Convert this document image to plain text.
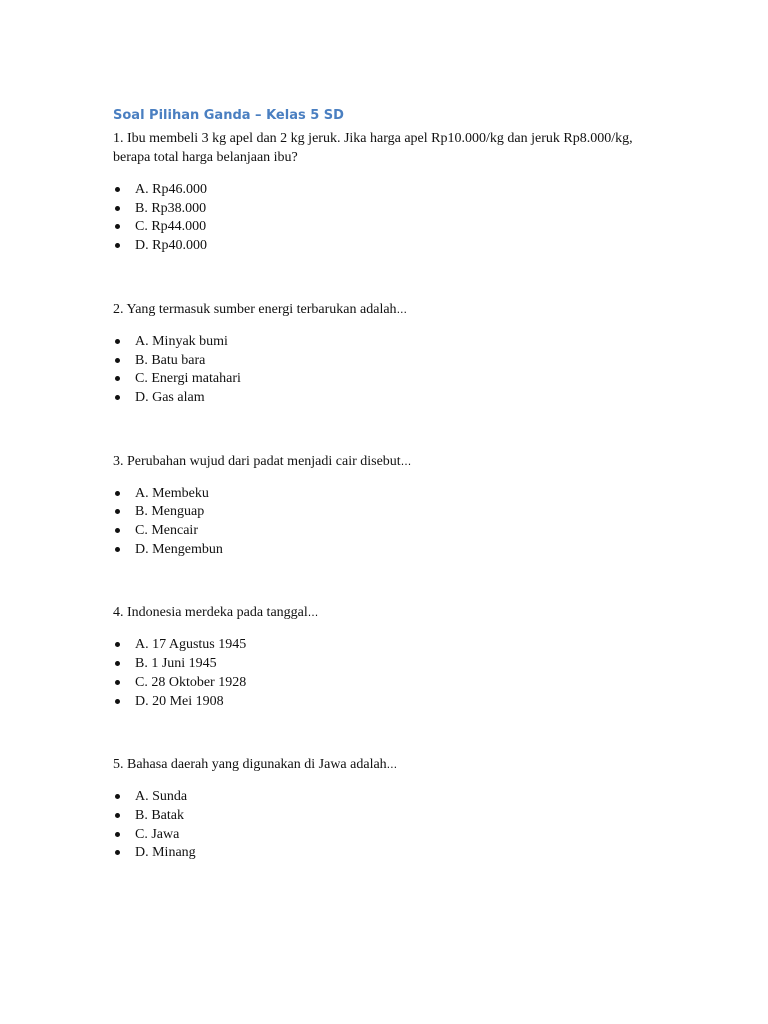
Soal Pilihan Ganda – Kelas 5 SD

1. Ibu membeli 3 kg apel dan 2 kg jeruk. Jika harga apel Rp10.000/kg dan jeruk Rp8.000/kg, berapa total harga belanjaan ibu?

A. Rp46.000
B. Rp38.000
C. Rp44.000
D. Rp40.000

2. Yang termasuk sumber energi terbarukan adalah...

A. Minyak bumi
B. Batu bara
C. Energi matahari
D. Gas alam

3. Perubahan wujud dari padat menjadi cair disebut...

A. Membeku
B. Menguap
C. Mencair
D. Mengembun

4. Indonesia merdeka pada tanggal...

A. 17 Agustus 1945
B. 1 Juni 1945
C. 28 Oktober 1928
D. 20 Mei 1908

5. Bahasa daerah yang digunakan di Jawa adalah...

A. Sunda
B. Batak
C. Jawa
D. Minang
